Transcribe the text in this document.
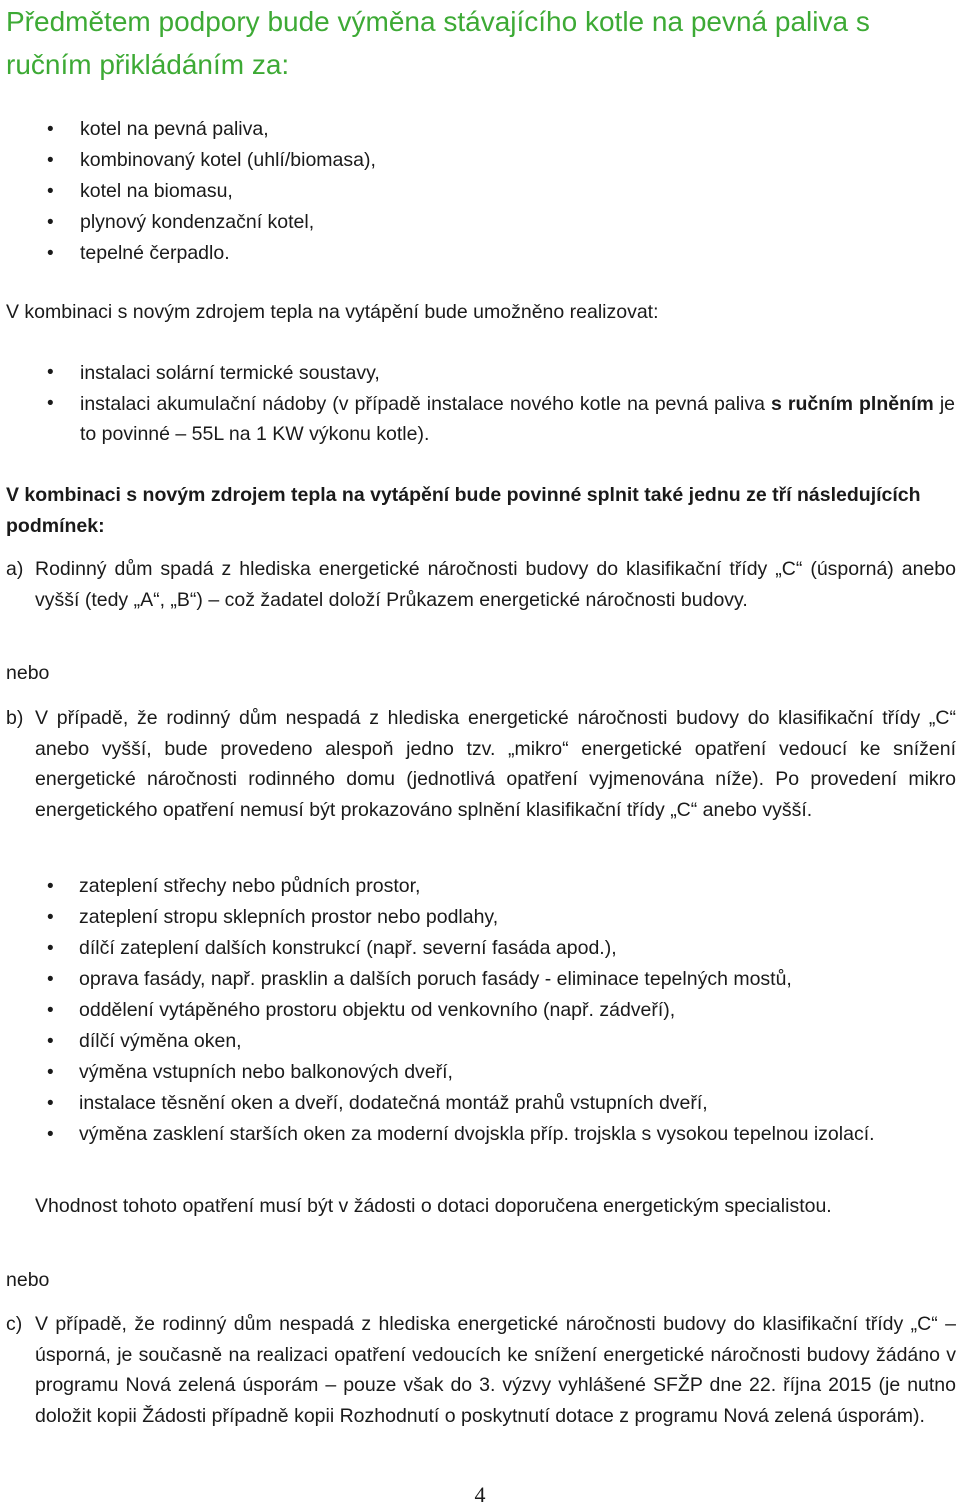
Předmětem podpory bude výměna stávajícího kotle na pevná paliva s ručním přikládáním za:
• kotel na pevná paliva,
• kombinovaný kotel (uhlí/biomasa),
• kotel na biomasu,
• plynový kondenzační kotel,
• tepelné čerpadlo.

V kombinaci s novým zdrojem tepla na vytápění bude umožněno realizovat:

• instalaci solární termické soustavy,
• instalaci akumulační nádoby (v případě instalace nového kotle na pevná paliva s ručním plněním je to povinné – 55L na 1 KW výkonu kotle).

V kombinaci s novým zdrojem tepla na vytápění bude povinné splnit také jednu ze tří následujících podmínek:

a) Rodinný dům spadá z hlediska energetické náročnosti budovy do klasifikační třídy „C“ (úsporná) anebo vyšší (tedy „A“, „B“) – což žadatel doloží Průkazem energetické náročnosti budovy.

nebo

b) V případě, že rodinný dům nespadá z hlediska energetické náročnosti budovy do klasifikační třídy „C“ anebo vyšší, bude provedeno alespoň jedno tzv. „mikro“ energetické opatření vedoucí ke snížení energetické náročnosti rodinného domu (jednotlivá opatření vyjmenována níže). Po provedení mikro energetického opatření nemusí být prokazováno splnění klasifikační třídy „C“ anebo vyšší.
• zateplení střechy nebo půdních prostor,
• zateplení stropu sklepních prostor nebo podlahy,
• dílčí zateplení dalších konstrukcí (např. severní fasáda apod.),
• oprava fasády, např. prasklin a dalších poruch fasády - eliminace tepelných mostů,
• oddělení vytápěného prostoru objektu od venkovního (např. zádveří),
• dílčí výměna oken,
• výměna vstupních nebo balkonových dveří,
• instalace těsnění oken a dveří, dodatečná montáž prahů vstupních dveří,
• výměna zasklení starších oken za moderní dvojskla příp. trojskla s vysokou tepelnou izolací.

Vhodnost tohoto opatření musí být v žádosti o dotaci doporučena energetickým specialistou.

nebo

c) V případě, že rodinný dům nespadá z hlediska energetické náročnosti budovy do klasifikační třídy „C“ – úsporná, je současně na realizaci opatření vedoucích ke snížení energetické náročnosti budovy žádáno v programu Nová zelená úsporám – pouze však do 3. výzvy vyhlášené SFŽP dne 22. října 2015 (je nutno doložit kopii Žádosti případně kopii Rozhodnutí o poskytnutí dotace z programu Nová zelená úsporám).
4
